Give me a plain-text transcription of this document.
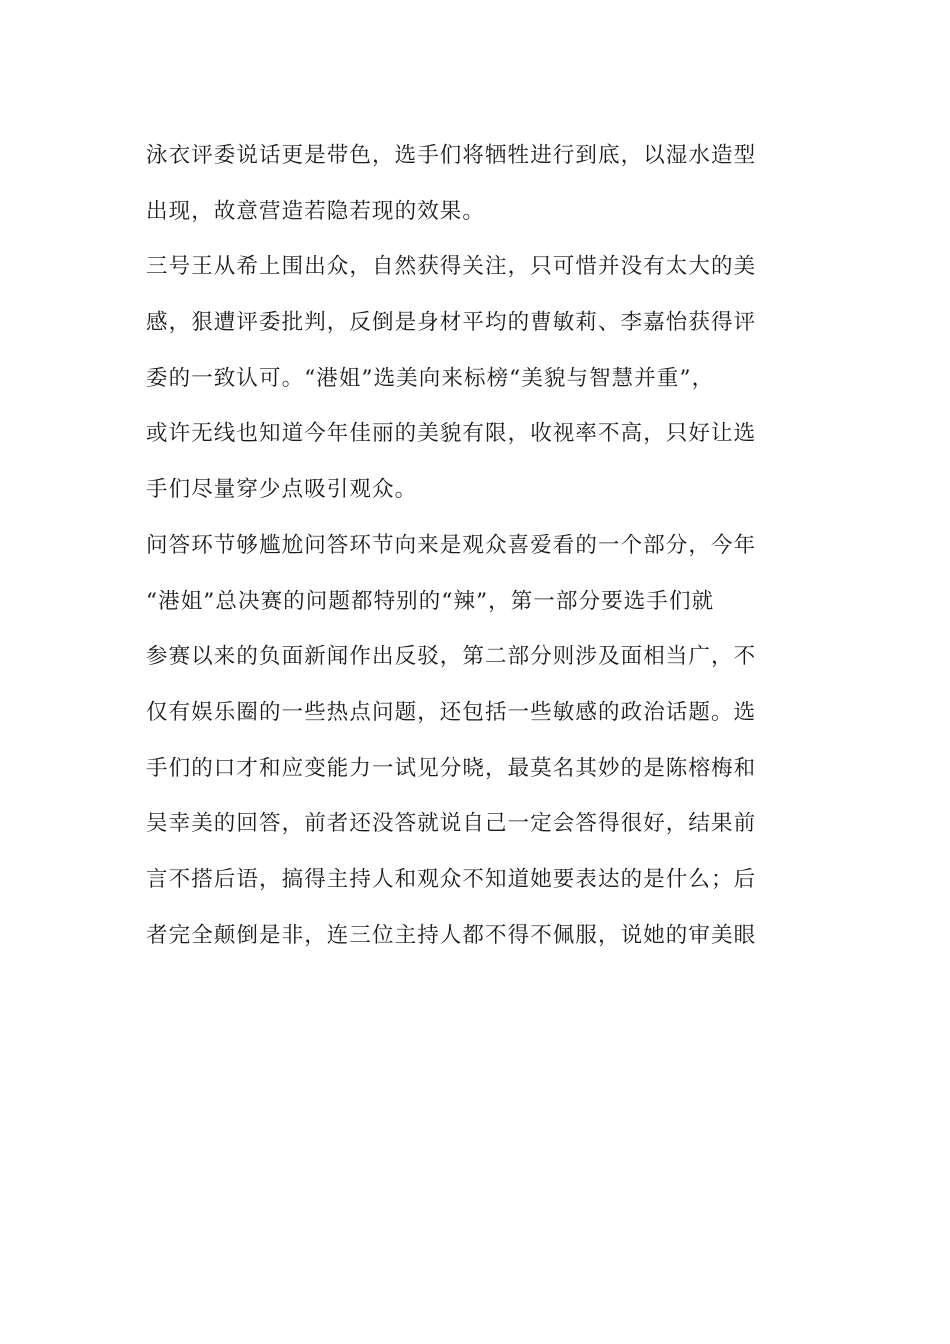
泳衣评委说话更是带色，选手们将牺牲进行到底，以湿水造型
出现，故意营造若隐若现的效果。
三号王从希上围出众，自然获得关注，只可惜并没有太大的美
感，狠遭评委批判，反倒是身材平均的曹敏莉、李嘉怡获得评
委的一致认可。“港姐”选美向来标榜“美貌与智慧并重”，
或许无线也知道今年佳丽的美貌有限，收视率不高，只好让选
手们尽量穿少点吸引观众。
问答环节够尴尬问答环节向来是观众喜爱看的一个部分，今年
“港姐”总决赛的问题都特别的“辣”，第一部分要选手们就
参赛以来的负面新闻作出反驳，第二部分则涉及面相当广，不
仅有娱乐圈的一些热点问题，还包括一些敏感的政治话题。选
手们的口才和应变能力一试见分晓，最莫名其妙的是陈榕梅和
吴幸美的回答，前者还没答就说自己一定会答得很好，结果前
言不搭后语，搞得主持人和观众不知道她要表达的是什么；后
者完全颠倒是非，连三位主持人都不得不佩服，说她的审美眼
